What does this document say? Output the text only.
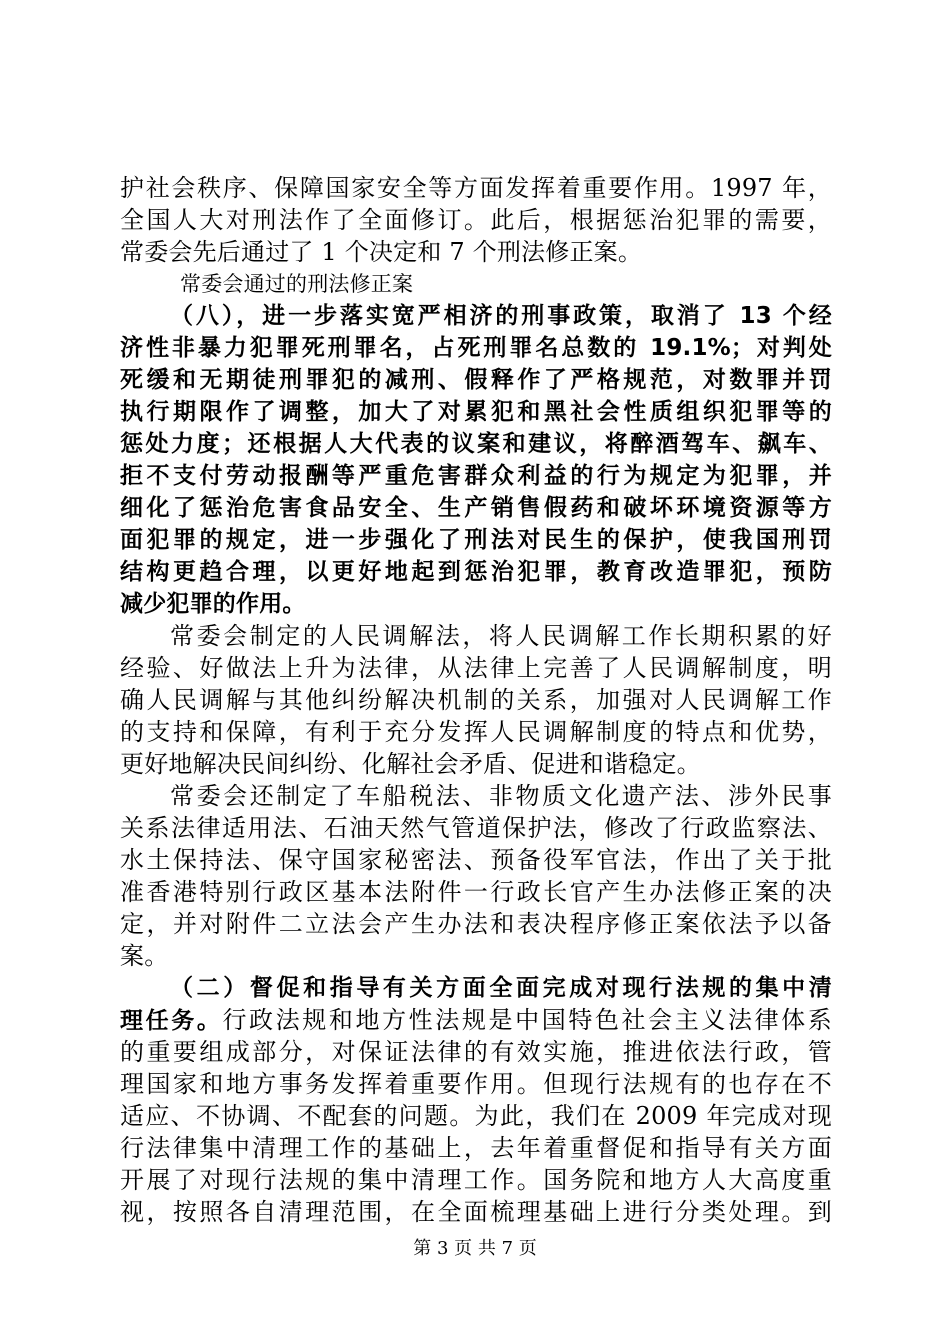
护社会秩序、保障国家安全等方面发挥着重要作用。1997 年，
全国人大对刑法作了全面修订。此后，根据惩治犯罪的需要，
常委会先后通过了 1 个决定和 7 个刑法修正案。
常委会通过的刑法修正案
（八），进一步落实宽严相济的刑事政策，取消了 13 个经
济性非暴力犯罪死刑罪名，占死刑罪名总数的 19.1%；对判处
死缓和无期徒刑罪犯的减刑、假释作了严格规范，对数罪并罚
执行期限作了调整，加大了对累犯和黑社会性质组织犯罪等的
惩处力度；还根据人大代表的议案和建议，将醉酒驾车、飙车、
拒不支付劳动报酬等严重危害群众利益的行为规定为犯罪，并
细化了惩治危害食品安全、生产销售假药和破坏环境资源等方
面犯罪的规定，进一步强化了刑法对民生的保护，使我国刑罚
结构更趋合理，以更好地起到惩治犯罪，教育改造罪犯，预防
减少犯罪的作用。
常委会制定的人民调解法，将人民调解工作长期积累的好
经验、好做法上升为法律，从法律上完善了人民调解制度，明
确人民调解与其他纠纷解决机制的关系，加强对人民调解工作
的支持和保障，有利于充分发挥人民调解制度的特点和优势，
更好地解决民间纠纷、化解社会矛盾、促进和谐稳定。
常委会还制定了车船税法、非物质文化遗产法、涉外民事
关系法律适用法、石油天然气管道保护法，修改了行政监察法、
水土保持法、保守国家秘密法、预备役军官法，作出了关于批
准香港特别行政区基本法附件一行政长官产生办法修正案的决
定，并对附件二立法会产生办法和表决程序修正案依法予以备
案。
（二）督促和指导有关方面全面完成对现行法规的集中清
理任务。行政法规和地方性法规是中国特色社会主义法律体系
的重要组成部分，对保证法律的有效实施，推进依法行政，管
理国家和地方事务发挥着重要作用。但现行法规有的也存在不
适应、不协调、不配套的问题。为此，我们在 2009 年完成对现
行法律集中清理工作的基础上，去年着重督促和指导有关方面
开展了对现行法规的集中清理工作。国务院和地方人大高度重
视，按照各自清理范围，在全面梳理基础上进行分类处理。到
第 3 页 共 7 页
